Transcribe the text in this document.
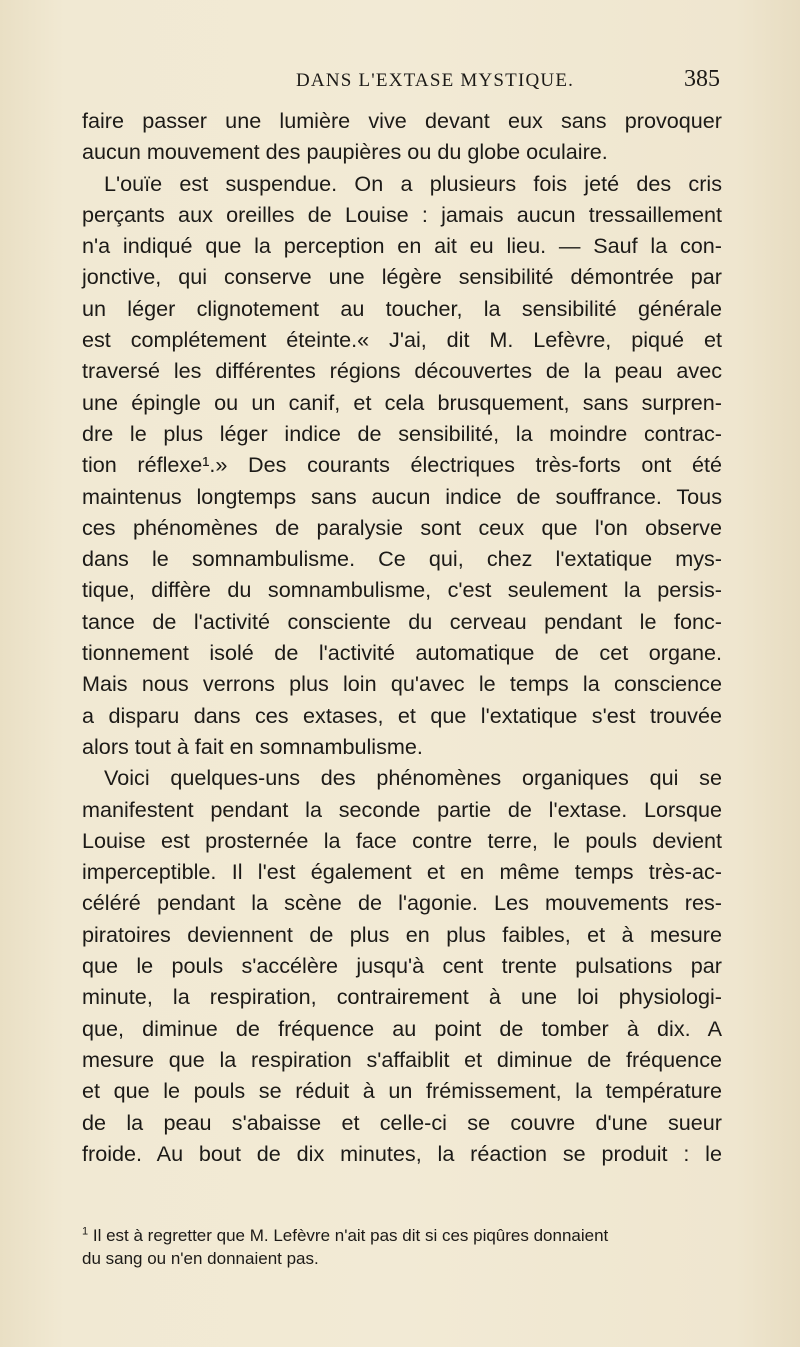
DANS L'EXTASE MYSTIQUE.	385

faire passer une lumière vive devant eux sans provoquer
aucun mouvement des paupières ou du globe oculaire.

L'ouïe est suspendue. On a plusieurs fois jeté des cris
perçants aux oreilles de Louise : jamais aucun tressaillement
n'a indiqué que la perception en ait eu lieu. — Sauf la con-
jonctive, qui conserve une légère sensibilité démontrée par
un léger clignotement au toucher, la sensibilité générale
est complétement éteinte.« J'ai, dit M. Lefèvre, piqué et
traversé les différentes régions découvertes de la peau avec
une épingle ou un canif, et cela brusquement, sans surpren-
dre le plus léger indice de sensibilité, la moindre contrac-
tion réflexe¹.» Des courants électriques très-forts ont été
maintenus longtemps sans aucun indice de souffrance. Tous
ces phénomènes de paralysie sont ceux que l'on observe
dans le somnambulisme. Ce qui, chez l'extatique mys-
tique, diffère du somnambulisme, c'est seulement la persis-
tance de l'activité consciente du cerveau pendant le fonc-
tionnement isolé de l'activité automatique de cet organe.
Mais nous verrons plus loin qu'avec le temps la conscience
a disparu dans ces extases, et que l'extatique s'est trouvée
alors tout à fait en somnambulisme.

Voici quelques-uns des phénomènes organiques qui se
manifestent pendant la seconde partie de l'extase. Lorsque
Louise est prosternée la face contre terre, le pouls devient
imperceptible. Il l'est également et en même temps très-ac-
céléré pendant la scène de l'agonie. Les mouvements res-
piratoires deviennent de plus en plus faibles, et à mesure
que le pouls s'accélère jusqu'à cent trente pulsations par
minute, la respiration, contrairement à une loi physiologi-
que, diminue de fréquence au point de tomber à dix. A
mesure que la respiration s'affaiblit et diminue de fréquence
et que le pouls se réduit à un frémissement, la température
de la peau s'abaisse et celle-ci se couvre d'une sueur
froide. Au bout de dix minutes, la réaction se produit : le

$^1$ Il est à regretter que M. Lefèvre n'ait pas dit si ces piqûres donnaient
du sang ou n'en donnaient pas.
